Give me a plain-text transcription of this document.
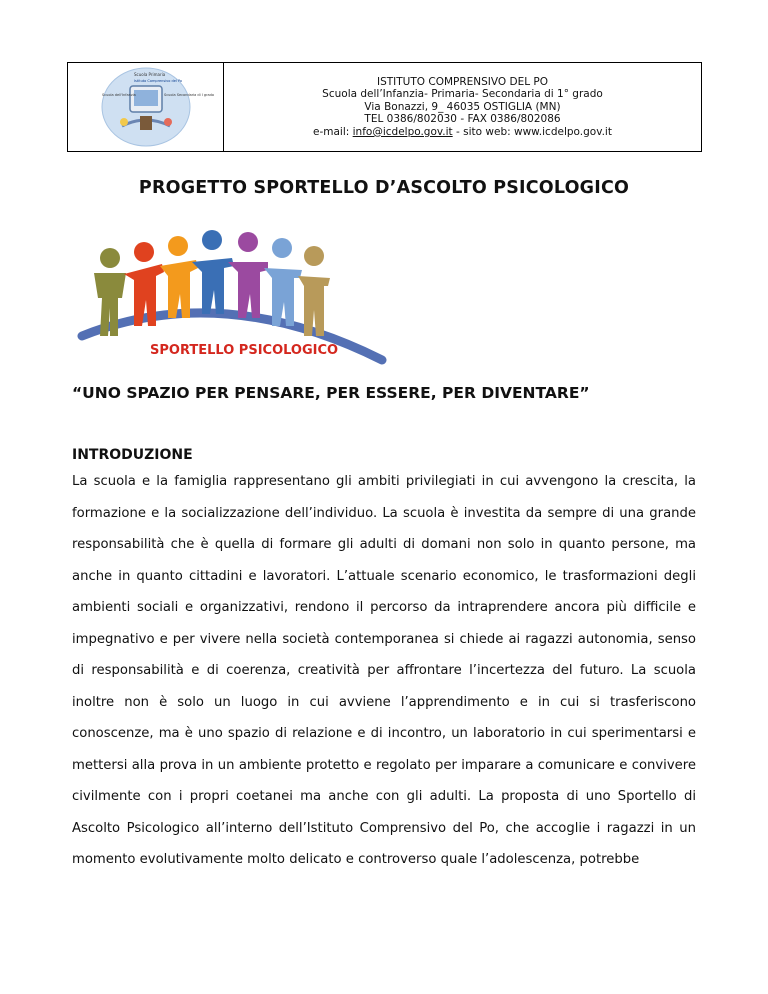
Scuola Primaria
Istituto Comprensivo del Po
Scuola dell'Infanzia	Scuola Secondaria di I grado
ISTITUTO COMPRENSIVO DEL PO
Scuola dell’Infanzia- Primaria- Secondaria di 1° grado
Via Bonazzi, 9_ 46035 OSTIGLIA (MN)
TEL 0386/802030 - FAX 0386/802086
e-mail: info@icdelpo.gov.it - sito web: www.icdelpo.gov.it
PROGETTO SPORTELLO D’ASCOLTO PSICOLOGICO
SPORTELLO PSICOLOGICO
“UNO SPAZIO PER PENSARE, PER ESSERE, PER DIVENTARE”
INTRODUZIONE

La scuola e la famiglia rappresentano gli ambiti privilegiati in cui avvengono la crescita, la formazione e la socializzazione dell’individuo. La scuola è investita da sempre di una grande responsabilità che è quella di formare gli adulti di domani non solo in quanto persone, ma anche in quanto cittadini e lavoratori. L’attuale scenario economico, le trasformazioni degli ambienti sociali e organizzativi, rendono il percorso da intraprendere ancora più difficile e impegnativo e per vivere nella società contemporanea si chiede ai ragazzi autonomia, senso di responsabilità e di coerenza, creatività per affrontare l’incertezza del futuro. La scuola inoltre non è solo un luogo in cui avviene l’apprendimento e in cui si trasferiscono conoscenze, ma è uno spazio di relazione e di incontro, un laboratorio in cui sperimentarsi e mettersi alla prova in un ambiente protetto e regolato per imparare a comunicare e convivere civilmente con i propri coetanei ma anche con gli adulti. La proposta di uno Sportello di Ascolto Psicologico all’interno dell’Istituto Comprensivo del Po, che accoglie i ragazzi in un momento evolutivamente molto delicato e controverso quale l’adolescenza, potrebbe
